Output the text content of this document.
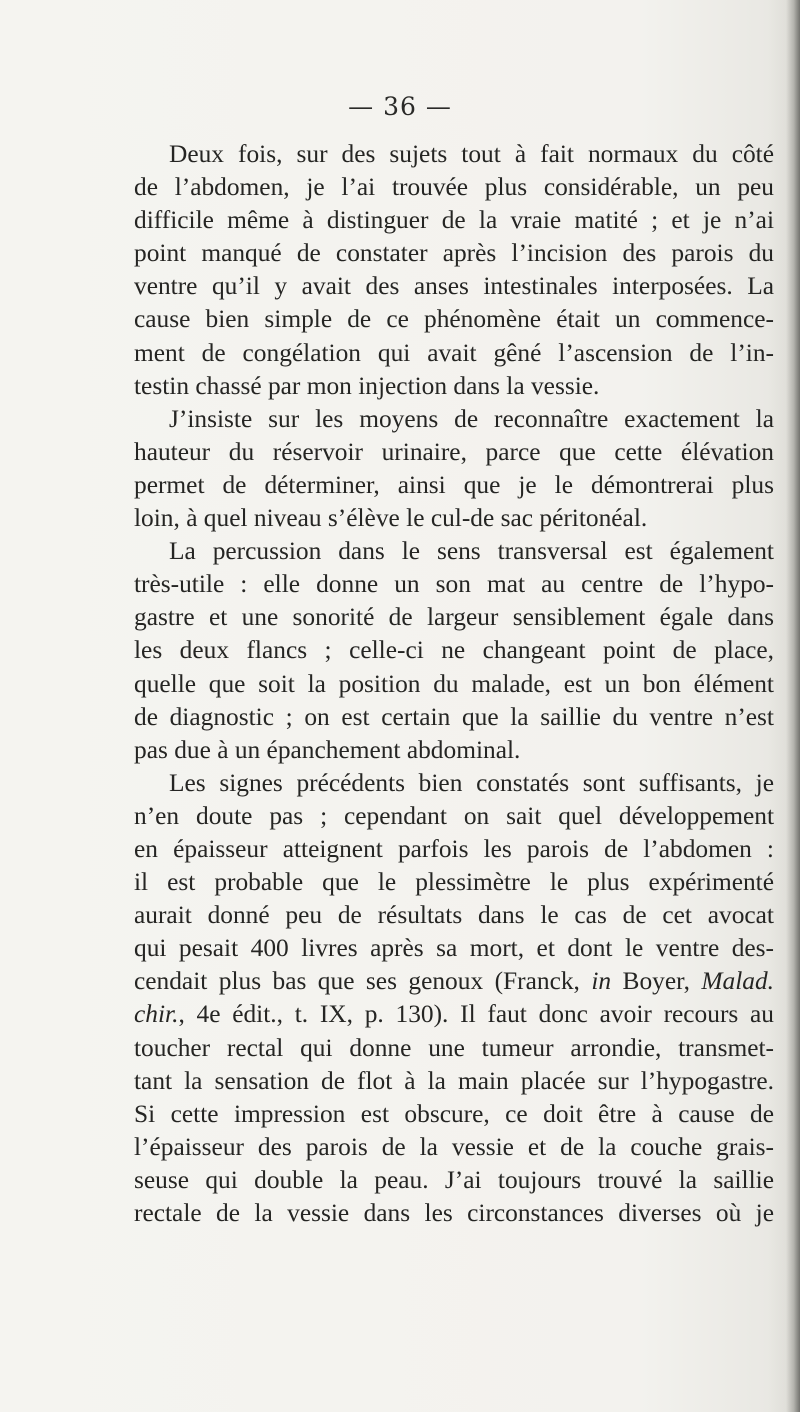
— 36 —
Deux fois, sur des sujets tout à fait normaux du côté
de l’abdomen, je l’ai trouvée plus considérable, un peu
difficile même à distinguer de la vraie matité ; et je n’ai
point manqué de constater après l’incision des parois du
ventre qu’il y avait des anses intestinales interposées. La
cause bien simple de ce phénomène était un commence-
ment de congélation qui avait gêné l’ascension de l’in-
testin chassé par mon injection dans la vessie.
J’insiste sur les moyens de reconnaître exactement la
hauteur du réservoir urinaire, parce que cette élévation
permet de déterminer, ainsi que je le démontrerai plus
loin, à quel niveau s’élève le cul-de sac péritonéal.
La percussion dans le sens transversal est également
très-utile : elle donne un son mat au centre de l’hypo-
gastre et une sonorité de largeur sensiblement égale dans
les deux flancs ; celle-ci ne changeant point de place,
quelle que soit la position du malade, est un bon élément
de diagnostic ; on est certain que la saillie du ventre n’est
pas due à un épanchement abdominal.
Les signes précédents bien constatés sont suffisants, je
n’en doute pas ; cependant on sait quel développement
en épaisseur atteignent parfois les parois de l’abdomen :
il est probable que le plessimètre le plus expérimenté
aurait donné peu de résultats dans le cas de cet avocat
qui pesait 400 livres après sa mort, et dont le ventre des-
cendait plus bas que ses genoux (Franck, in Boyer, Malad.
chir., 4e édit., t. IX, p. 130). Il faut donc avoir recours au
toucher rectal qui donne une tumeur arrondie, transmet-
tant la sensation de flot à la main placée sur l’hypogastre.
Si cette impression est obscure, ce doit être à cause de
l’épaisseur des parois de la vessie et de la couche grais-
seuse qui double la peau. J’ai toujours trouvé la saillie
rectale de la vessie dans les circonstances diverses où je
